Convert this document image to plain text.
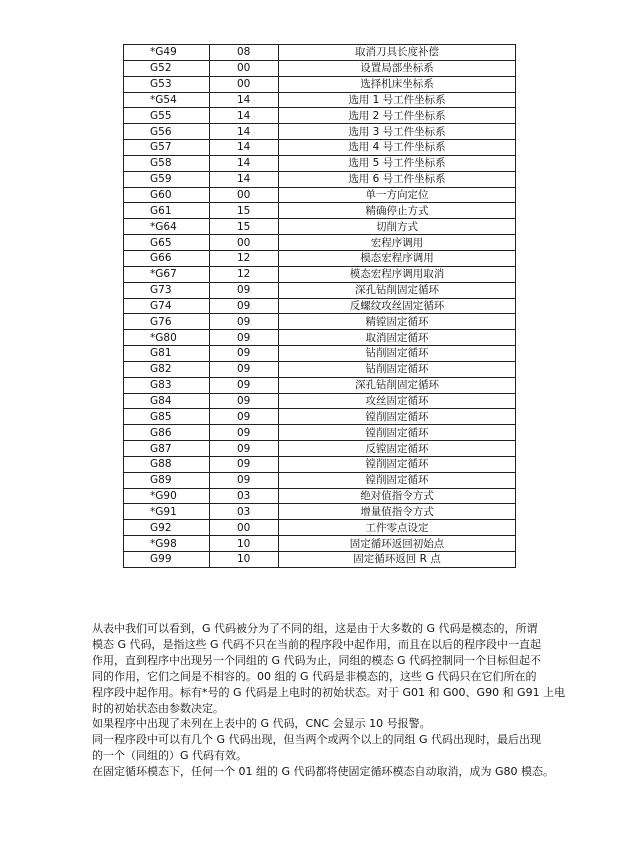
*G49	08	取消刀具长度补偿
G52	00	设置局部坐标系
G53	00	选择机床坐标系
*G54	14	选用 1 号工件坐标系
G55	14	选用 2 号工件坐标系
G56	14	选用 3 号工件坐标系
G57	14	选用 4 号工件坐标系
G58	14	选用 5 号工件坐标系
G59	14	选用 6 号工件坐标系
G60	00	单一方向定位
G61	15	精确停止方式
*G64	15	切削方式
G65	00	宏程序调用
G66	12	模态宏程序调用
*G67	12	模态宏程序调用取消
G73	09	深孔钻削固定循环
G74	09	反螺纹攻丝固定循环
G76	09	精镗固定循环
*G80	09	取消固定循环
G81	09	钻削固定循环
G82	09	钻削固定循环
G83	09	深孔钻削固定循环
G84	09	攻丝固定循环
G85	09	镗削固定循环
G86	09	镗削固定循环
G87	09	反镗固定循环
G88	09	镗削固定循环
G89	09	镗削固定循环
*G90	03	绝对值指令方式
*G91	03	增量值指令方式
G92	00	工件零点设定
*G98	10	固定循环返回初始点
G99	10	固定循环返回 R 点

从表中我们可以看到，G 代码被分为了不同的组，这是由于大多数的 G 代码是模态的，所谓

模态 G 代码，是指这些 G 代码不只在当前的程序段中起作用，而且在以后的程序段中一直起

作用，直到程序中出现另一个同组的 G 代码为止，同组的模态 G 代码控制同一个目标但起不

同的作用，它们之间是不相容的。00 组的 G 代码是非模态的，这些 G 代码只在它们所在的

程序段中起作用。标有*号的 G 代码是上电时的初始状态。对于 G01 和 G00、G90 和 G91 上电

时的初始状态由参数决定。

如果程序中出现了未列在上表中的 G 代码，CNC 会显示 10 号报警。

同一程序段中可以有几个 G 代码出现，但当两个或两个以上的同组 G 代码出现时，最后出现

的一个（同组的）G 代码有效。

在固定循环模态下，任何一个 01 组的 G 代码都将使固定循环模态自动取消，成为 G80 模态。
